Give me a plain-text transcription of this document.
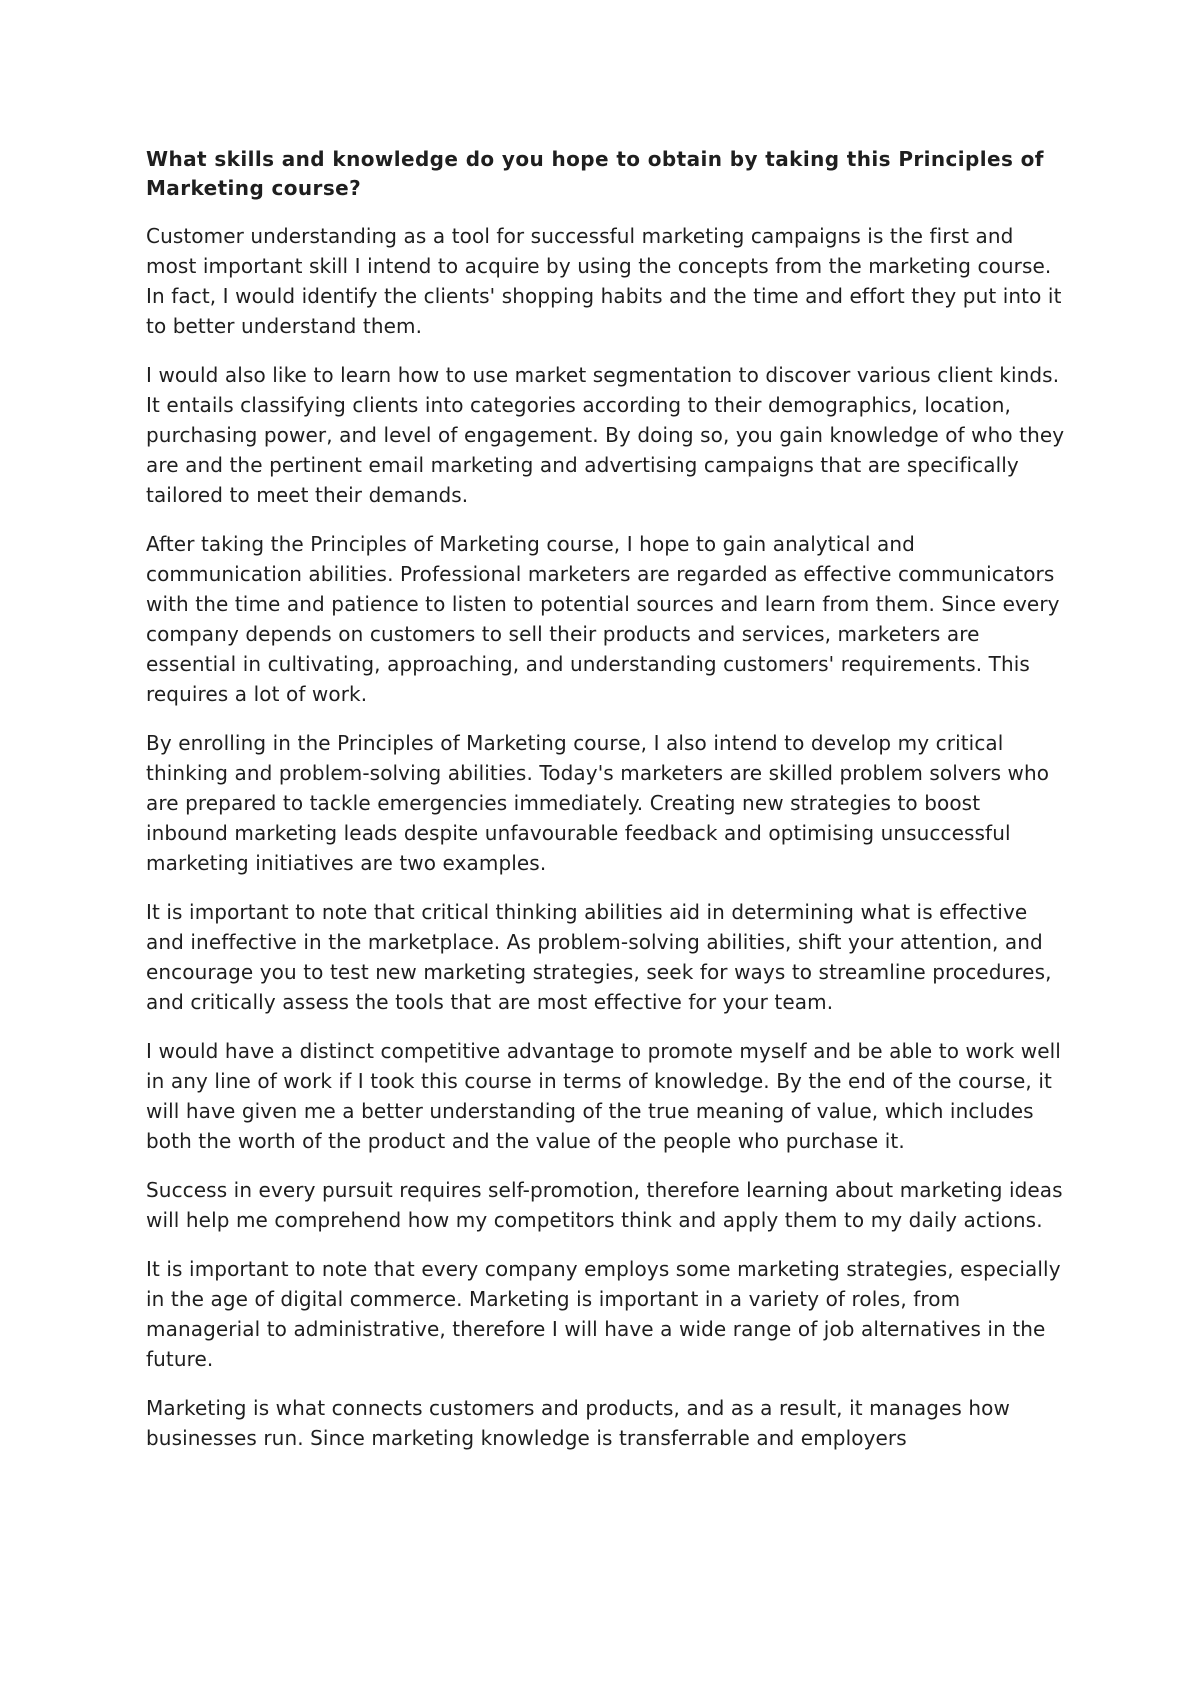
What skills and knowledge do you hope to obtain by taking this Principles of Marketing course?

Customer understanding as a tool for successful marketing campaigns is the first and most important skill I intend to acquire by using the concepts from the marketing course. In fact, I would identify the clients' shopping habits and the time and effort they put into it to better understand them.

I would also like to learn how to use market segmentation to discover various client kinds. It entails classifying clients into categories according to their demographics, location, purchasing power, and level of engagement. By doing so, you gain knowledge of who they are and the pertinent email marketing and advertising campaigns that are specifically tailored to meet their demands.

After taking the Principles of Marketing course, I hope to gain analytical and communication abilities. Professional marketers are regarded as effective communicators with the time and patience to listen to potential sources and learn from them. Since every company depends on customers to sell their products and services, marketers are essential in cultivating, approaching, and understanding customers' requirements. This requires a lot of work.

By enrolling in the Principles of Marketing course, I also intend to develop my critical thinking and problem-solving abilities. Today's marketers are skilled problem solvers who are prepared to tackle emergencies immediately. Creating new strategies to boost inbound marketing leads despite unfavourable feedback and optimising unsuccessful marketing initiatives are two examples.

It is important to note that critical thinking abilities aid in determining what is effective and ineffective in the marketplace. As problem-solving abilities, shift your attention, and encourage you to test new marketing strategies, seek for ways to streamline procedures, and critically assess the tools that are most effective for your team.

I would have a distinct competitive advantage to promote myself and be able to work well in any line of work if I took this course in terms of knowledge. By the end of the course, it will have given me a better understanding of the true meaning of value, which includes both the worth of the product and the value of the people who purchase it.

Success in every pursuit requires self-promotion, therefore learning about marketing ideas will help me comprehend how my competitors think and apply them to my daily actions.

It is important to note that every company employs some marketing strategies, especially in the age of digital commerce. Marketing is important in a variety of roles, from managerial to administrative, therefore I will have a wide range of job alternatives in the future.

Marketing is what connects customers and products, and as a result, it manages how businesses run. Since marketing knowledge is transferrable and employers
